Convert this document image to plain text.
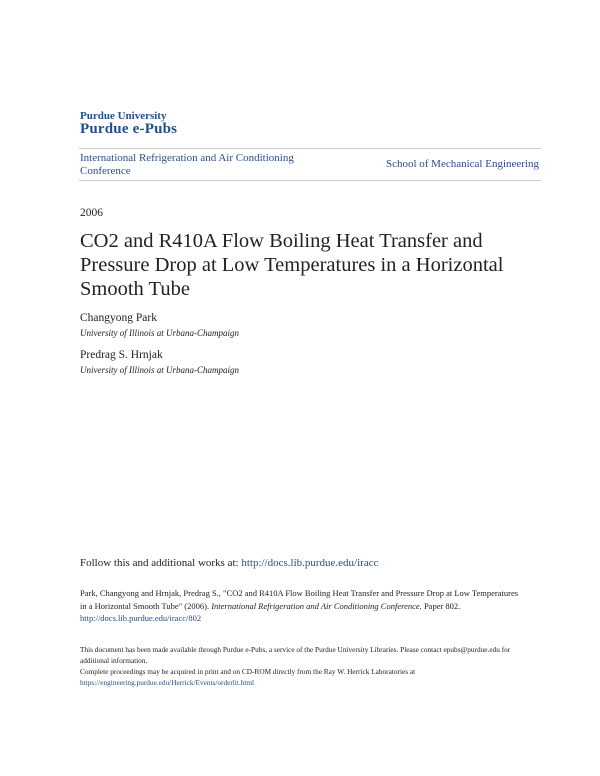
Purdue University
Purdue e-Pubs
International Refrigeration and Air Conditioning Conference
School of Mechanical Engineering
2006
CO2 and R410A Flow Boiling Heat Transfer and Pressure Drop at Low Temperatures in a Horizontal Smooth Tube
Changyong Park
University of Illinois at Urbana-Champaign
Predrag S. Hrnjak
University of Illinois at Urbana-Champaign
Follow this and additional works at: http://docs.lib.purdue.edu/iracc
Park, Changyong and Hrnjak, Predrag S., "CO2 and R410A Flow Boiling Heat Transfer and Pressure Drop at Low Temperatures in a Horizontal Smooth Tube" (2006). International Refrigeration and Air Conditioning Conference. Paper 802.
http://docs.lib.purdue.edu/iracc/802
This document has been made available through Purdue e-Pubs, a service of the Purdue University Libraries. Please contact epubs@purdue.edu for additional information.
Complete proceedings may be acquired in print and on CD-ROM directly from the Ray W. Herrick Laboratories at https://engineering.purdue.edu/Herrick/Events/orderlit.html
